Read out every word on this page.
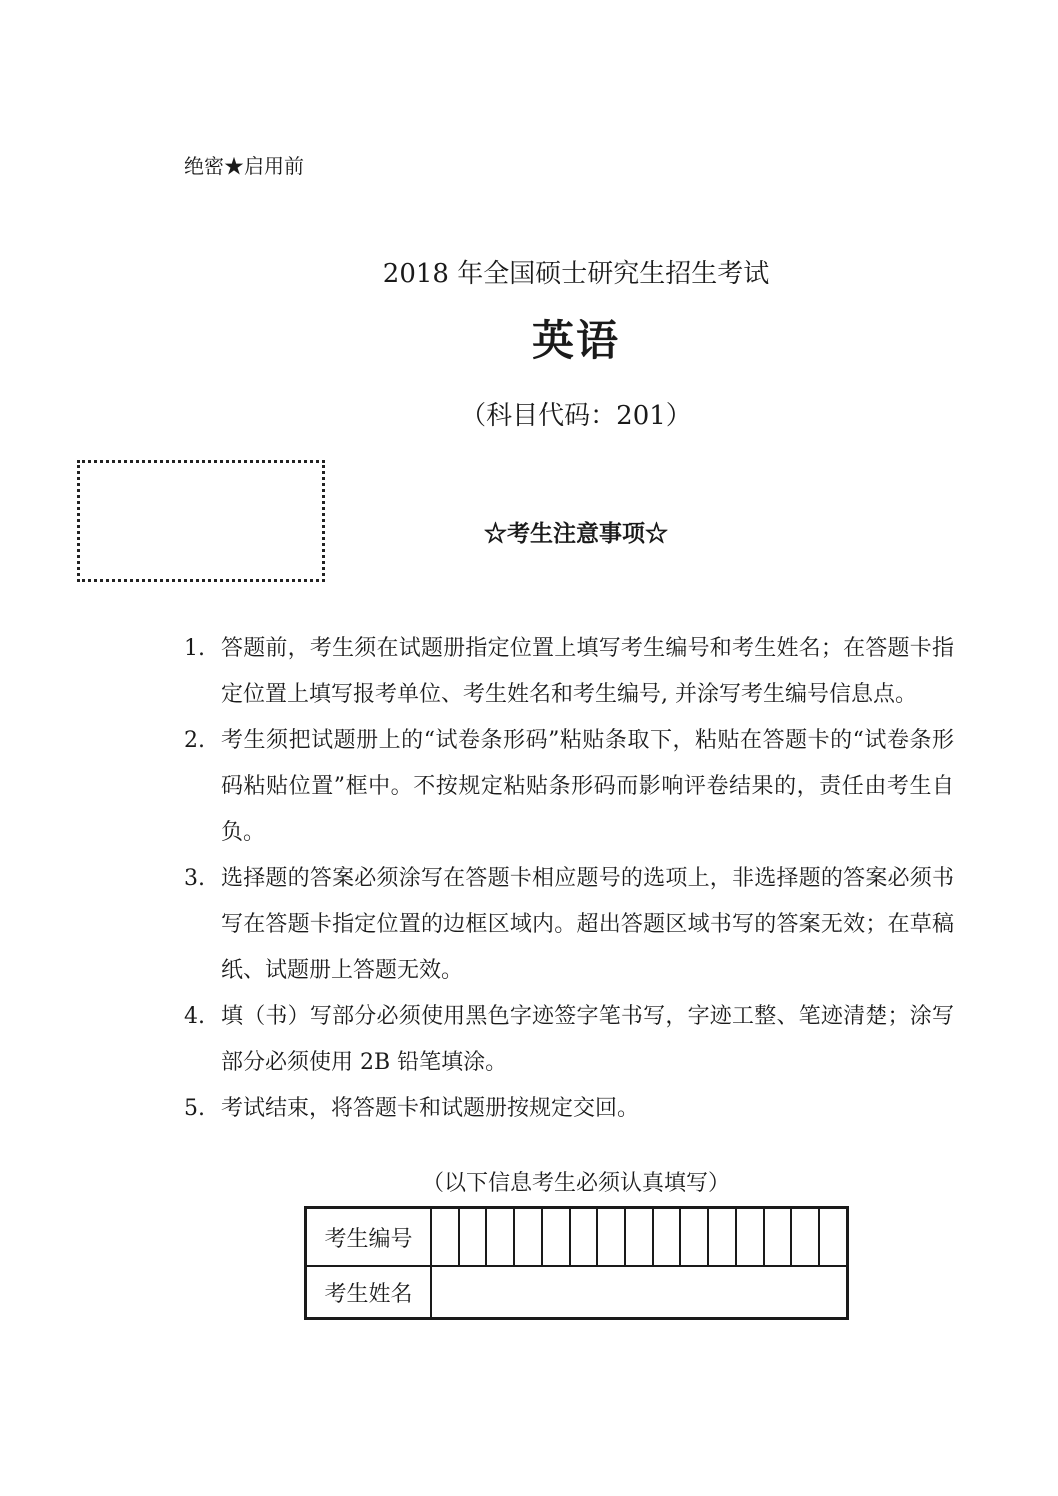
绝密★启用前
2018 年全国硕士研究生招生考试
英语
（科目代码：201）
☆考生注意事项☆
1. 答题前，考生须在试题册指定位置上填写考生编号和考生姓名；在答题卡指定位置上填写报考单位、考生姓名和考生编号, 并涂写考生编号信息点。
2. 考生须把试题册上的“试卷条形码”粘贴条取下，粘贴在答题卡的“试卷条形码粘贴位置”框中。不按规定粘贴条形码而影响评卷结果的，责任由考生自负。
3. 选择题的答案必须涂写在答题卡相应题号的选项上，非选择题的答案必须书写在答题卡指定位置的边框区域内。超出答题区域书写的答案无效；在草稿纸、试题册上答题无效。
4. 填（书）写部分必须使用黑色字迹签字笔书写，字迹工整、笔迹清楚；涂写部分必须使用 2B 铅笔填涂。
5. 考试结束，将答题卡和试题册按规定交回。
（以下信息考生必须认真填写）
考生编号															
考生姓名															
